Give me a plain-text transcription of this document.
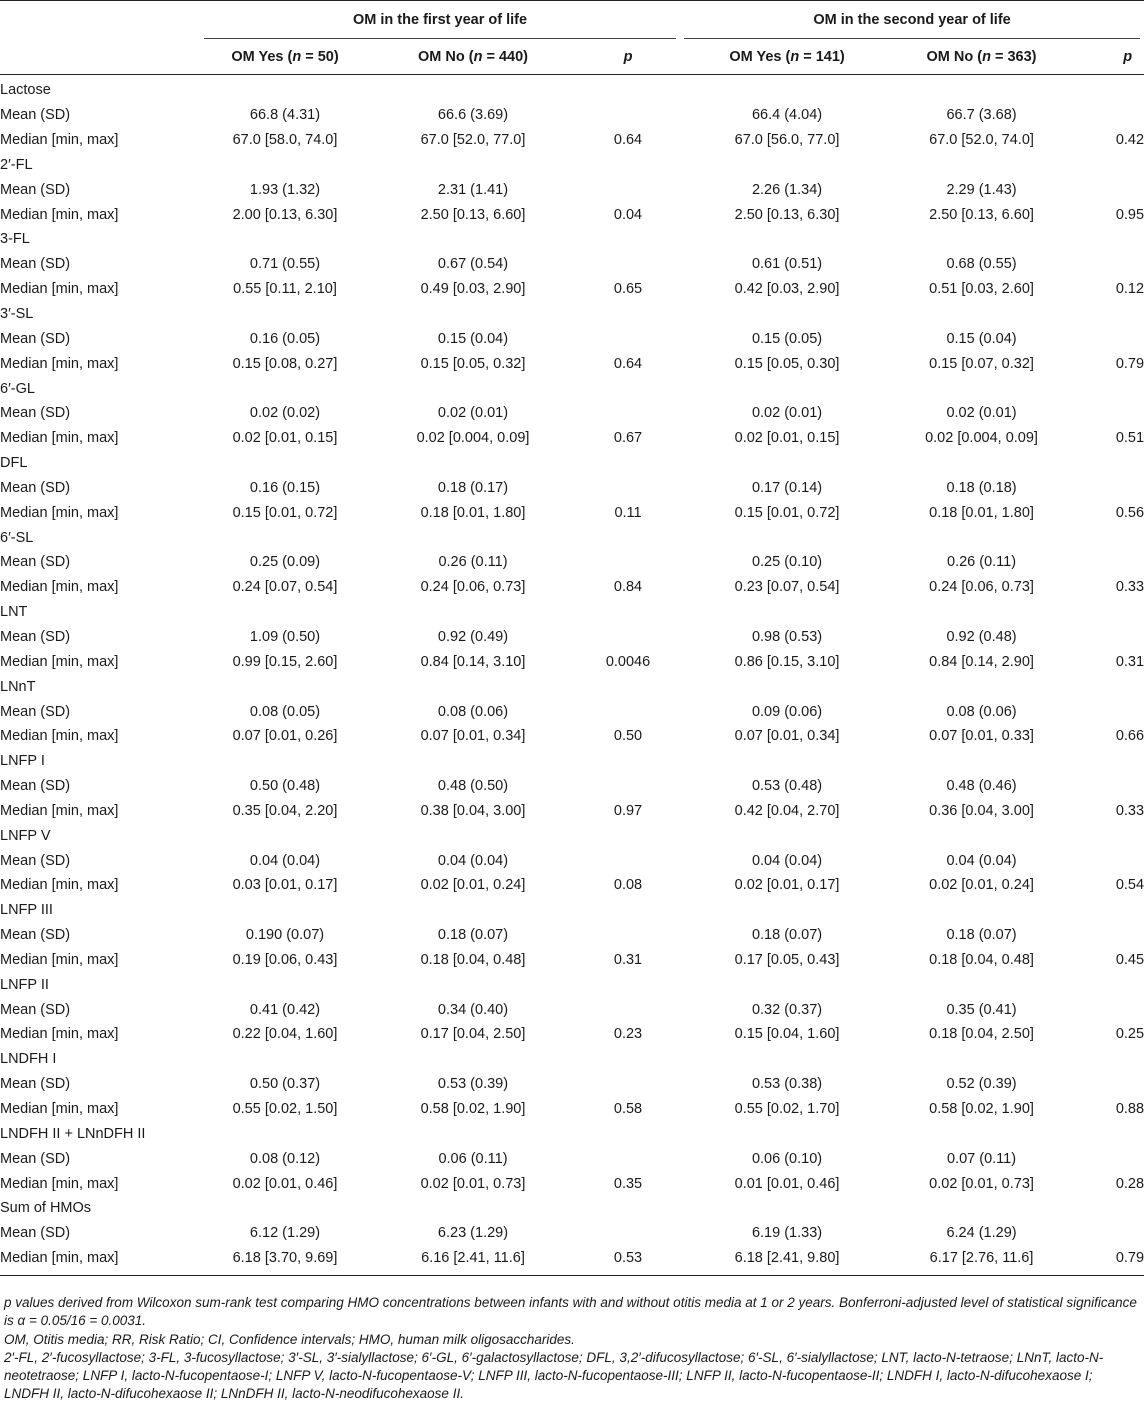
	OM in the first year of life			OM in the second year of life		

	OM Yes (n = 50)	OM No (n = 440)	p	OM Yes (n = 141)	OM No (n = 363)	p
Lactose						
Mean (SD)	66.8 (4.31)	66.6 (3.69)		66.4 (4.04)	66.7 (3.68)	
Median [min, max]	67.0 [58.0, 74.0]	67.0 [52.0, 77.0]	0.64	67.0 [56.0, 77.0]	67.0 [52.0, 74.0]	0.42
2′-FL						
Mean (SD)	1.93 (1.32)	2.31 (1.41)		2.26 (1.34)	2.29 (1.43)	
Median [min, max]	2.00 [0.13, 6.30]	2.50 [0.13, 6.60]	0.04	2.50 [0.13, 6.30]	2.50 [0.13, 6.60]	0.95
3-FL						
Mean (SD)	0.71 (0.55)	0.67 (0.54)		0.61 (0.51)	0.68 (0.55)	
Median [min, max]	0.55 [0.11, 2.10]	0.49 [0.03, 2.90]	0.65	0.42 [0.03, 2.90]	0.51 [0.03, 2.60]	0.12
3′-SL						
Mean (SD)	0.16 (0.05)	0.15 (0.04)		0.15 (0.05)	0.15 (0.04)	
Median [min, max]	0.15 [0.08, 0.27]	0.15 [0.05, 0.32]	0.64	0.15 [0.05, 0.30]	0.15 [0.07, 0.32]	0.79
6′-GL						
Mean (SD)	0.02 (0.02)	0.02 (0.01)		0.02 (0.01)	0.02 (0.01)	
Median [min, max]	0.02 [0.01, 0.15]	0.02 [0.004, 0.09]	0.67	0.02 [0.01, 0.15]	0.02 [0.004, 0.09]	0.51
DFL						
Mean (SD)	0.16 (0.15)	0.18 (0.17)		0.17 (0.14)	0.18 (0.18)	
Median [min, max]	0.15 [0.01, 0.72]	0.18 [0.01, 1.80]	0.11	0.15 [0.01, 0.72]	0.18 [0.01, 1.80]	0.56
6′-SL						
Mean (SD)	0.25 (0.09)	0.26 (0.11)		0.25 (0.10)	0.26 (0.11)	
Median [min, max]	0.24 [0.07, 0.54]	0.24 [0.06, 0.73]	0.84	0.23 [0.07, 0.54]	0.24 [0.06, 0.73]	0.33
LNT						
Mean (SD)	1.09 (0.50)	0.92 (0.49)		0.98 (0.53)	0.92 (0.48)	
Median [min, max]	0.99 [0.15, 2.60]	0.84 [0.14, 3.10]	0.0046	0.86 [0.15, 3.10]	0.84 [0.14, 2.90]	0.31
LNnT						
Mean (SD)	0.08 (0.05)	0.08 (0.06)		0.09 (0.06)	0.08 (0.06)	
Median [min, max]	0.07 [0.01, 0.26]	0.07 [0.01, 0.34]	0.50	0.07 [0.01, 0.34]	0.07 [0.01, 0.33]	0.66
LNFP I						
Mean (SD)	0.50 (0.48)	0.48 (0.50)		0.53 (0.48)	0.48 (0.46)	
Median [min, max]	0.35 [0.04, 2.20]	0.38 [0.04, 3.00]	0.97	0.42 [0.04, 2.70]	0.36 [0.04, 3.00]	0.33
LNFP V						
Mean (SD)	0.04 (0.04)	0.04 (0.04)		0.04 (0.04)	0.04 (0.04)	
Median [min, max]	0.03 [0.01, 0.17]	0.02 [0.01, 0.24]	0.08	0.02 [0.01, 0.17]	0.02 [0.01, 0.24]	0.54
LNFP III						
Mean (SD)	0.190 (0.07)	0.18 (0.07)		0.18 (0.07)	0.18 (0.07)	
Median [min, max]	0.19 [0.06, 0.43]	0.18 [0.04, 0.48]	0.31	0.17 [0.05, 0.43]	0.18 [0.04, 0.48]	0.45
LNFP II						
Mean (SD)	0.41 (0.42)	0.34 (0.40)		0.32 (0.37)	0.35 (0.41)	
Median [min, max]	0.22 [0.04, 1.60]	0.17 [0.04, 2.50]	0.23	0.15 [0.04, 1.60]	0.18 [0.04, 2.50]	0.25
LNDFH I						
Mean (SD)	0.50 (0.37)	0.53 (0.39)		0.53 (0.38)	0.52 (0.39)	
Median [min, max]	0.55 [0.02, 1.50]	0.58 [0.02, 1.90]	0.58	0.55 [0.02, 1.70]	0.58 [0.02, 1.90]	0.88
LNDFH II + LNnDFH II						
Mean (SD)	0.08 (0.12)	0.06 (0.11)		0.06 (0.10)	0.07 (0.11)	
Median [min, max]	0.02 [0.01, 0.46]	0.02 [0.01, 0.73]	0.35	0.01 [0.01, 0.46]	0.02 [0.01, 0.73]	0.28
Sum of HMOs						
Mean (SD)	6.12 (1.29)	6.23 (1.29)		6.19 (1.33)	6.24 (1.29)	
Median [min, max]	6.18 [3.70, 9.69]	6.16 [2.41, 11.6]	0.53	6.18 [2.41, 9.80]	6.17 [2.76, 11.6]	0.79

p values derived from Wilcoxon sum-rank test comparing HMO concentrations between infants with and without otitis media at 1 or 2 years. Bonferroni-adjusted level of statistical significance is α = 0.05/16 = 0.0031.

OM, Otitis media; RR, Risk Ratio; CI, Confidence intervals; HMO, human milk oligosaccharides.

2′-FL, 2′-fucosyllactose; 3-FL, 3-fucosyllactose; 3′-SL, 3′-sialyllactose; 6′-GL, 6′-galactosyllactose; DFL, 3,2′-difucosyllactose; 6′-SL, 6′-sialyllactose; LNT, lacto-N-tetraose; LNnT, lacto-N-neotetraose; LNFP I, lacto-N-fucopentaose-I; LNFP V, lacto-N-fucopentaose-V; LNFP III, lacto-N-fucopentaose-III; LNFP II, lacto-N-fucopentaose-II; LNDFH I, lacto-N-difucohexaose I; LNDFH II, lacto-N-difucohexaose II; LNnDFH II, lacto-N-neodifucohexaose II.
